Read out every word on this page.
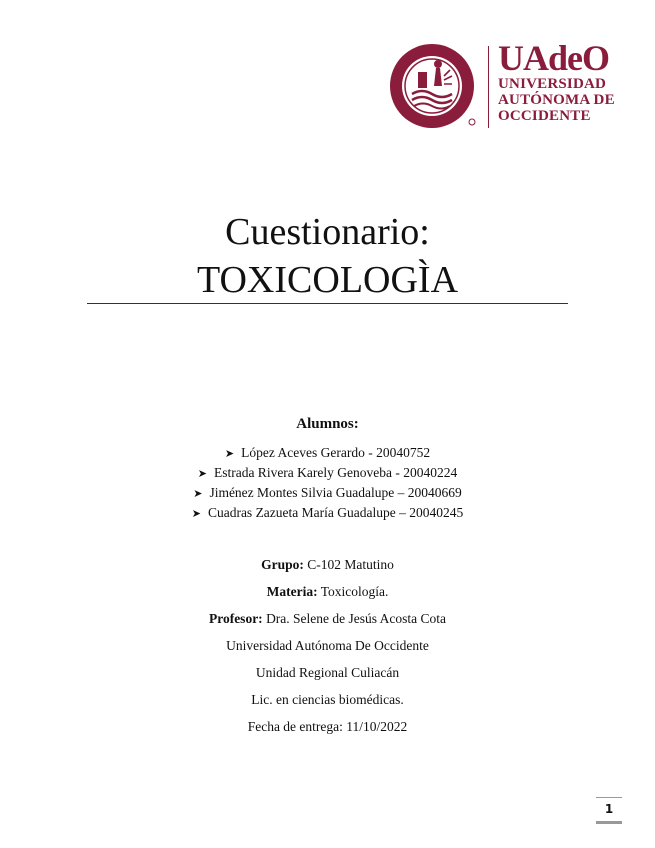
UAdeO
UNIVERSIDAD
AUTÓNOMA DE
OCCIDENTE
Cuestionario:
TOXICOLOGÌA
Alumnos:
➤ López Aceves Gerardo - 20040752
➤ Estrada Rivera Karely Genoveba - 20040224
➤ Jiménez Montes Silvia Guadalupe – 20040669
➤ Cuadras Zazueta María Guadalupe – 20040245
Grupo: C-102 Matutino
Materia: Toxicología.
Profesor: Dra. Selene de Jesús Acosta Cota
Universidad Autónoma De Occidente
Unidad Regional Culiacán
Lic. en ciencias biomédicas.
Fecha de entrega: 11/10/2022
1
